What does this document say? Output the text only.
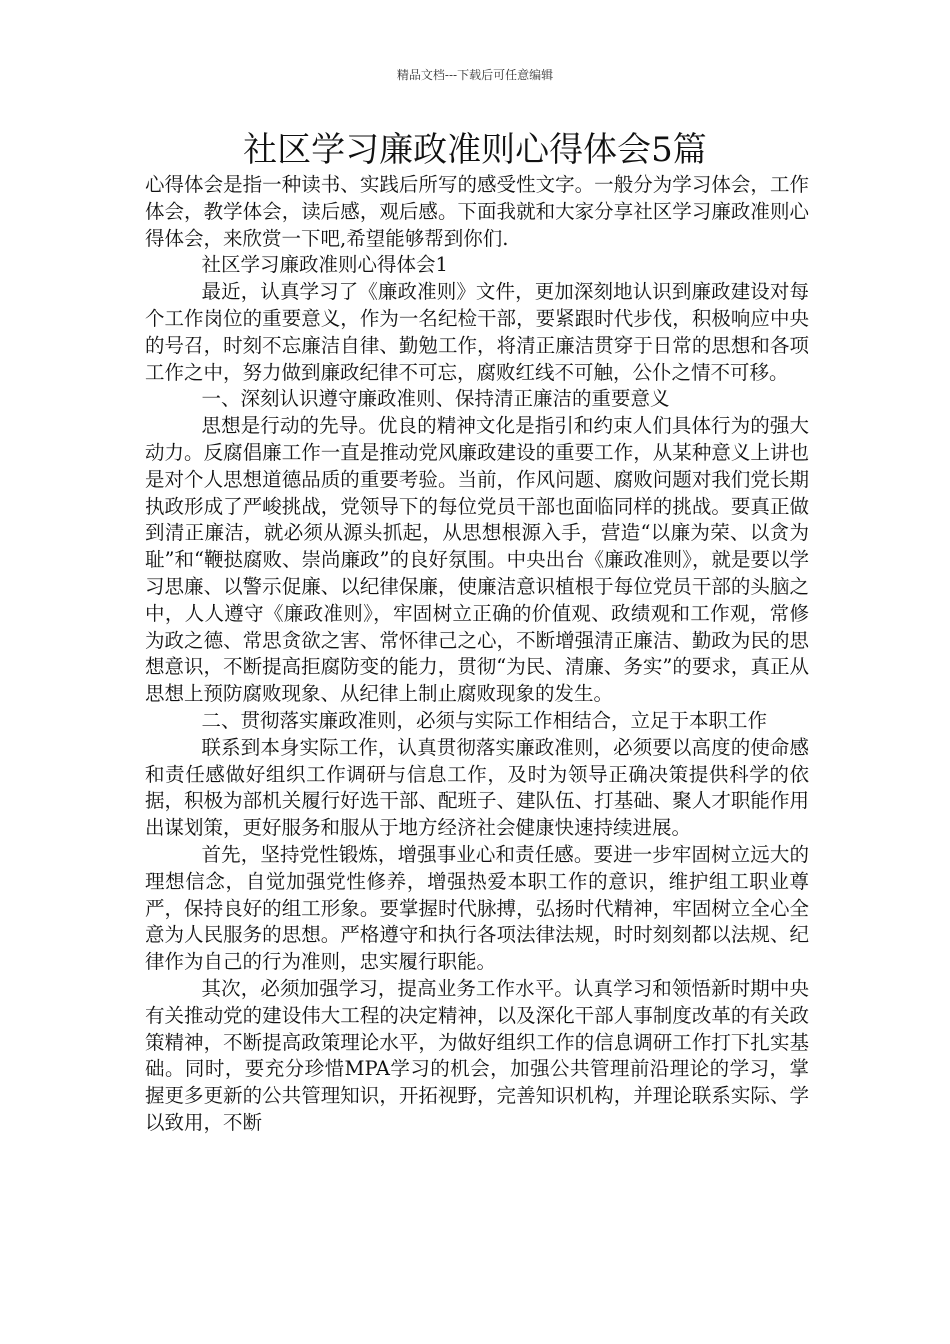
精品文档---下载后可任意编辑
社区学习廉政准则心得体会5篇

心得体会是指一种读书、实践后所写的感受性文字。一般分为学习体会，工作体会，教学体会，读后感，观后感。下面我就和大家分享社区学习廉政准则心得体会，来欣赏一下吧,希望能够帮到你们.

社区学习廉政准则心得体会1

最近，认真学习了《廉政准则》文件，更加深刻地认识到廉政建设对每个工作岗位的重要意义，作为一名纪检干部，要紧跟时代步伐，积极响应中央的号召，时刻不忘廉洁自律、勤勉工作，将清正廉洁贯穿于日常的思想和各项工作之中，努力做到廉政纪律不可忘，腐败红线不可触，公仆之情不可移。

一、深刻认识遵守廉政准则、保持清正廉洁的重要意义

思想是行动的先导。优良的精神文化是指引和约束人们具体行为的强大动力。反腐倡廉工作一直是推动党风廉政建设的重要工作，从某种意义上讲也是对个人思想道德品质的重要考验。当前，作风问题、腐败问题对我们党长期执政形成了严峻挑战，党领导下的每位党员干部也面临同样的挑战。要真正做到清正廉洁，就必须从源头抓起，从思想根源入手，营造“以廉为荣、以贪为耻”和“鞭挞腐败、崇尚廉政”的良好氛围。中央出台《廉政准则》，就是要以学习思廉、以警示促廉、以纪律保廉，使廉洁意识植根于每位党员干部的头脑之中，人人遵守《廉政准则》，牢固树立正确的价值观、政绩观和工作观，常修为政之德、常思贪欲之害、常怀律己之心，不断增强清正廉洁、勤政为民的思想意识，不断提高拒腐防变的能力，贯彻“为民、清廉、务实”的要求，真正从思想上预防腐败现象、从纪律上制止腐败现象的发生。

二、贯彻落实廉政准则，必须与实际工作相结合，立足于本职工作

联系到本身实际工作，认真贯彻落实廉政准则，必须要以高度的使命感和责任感做好组织工作调研与信息工作，及时为领导正确决策提供科学的依据，积极为部机关履行好选干部、配班子、建队伍、打基础、聚人才职能作用出谋划策，更好服务和服从于地方经济社会健康快速持续进展。

首先，坚持党性锻炼，增强事业心和责任感。要进一步牢固树立远大的理想信念，自觉加强党性修养，增强热爱本职工作的意识，维护组工职业尊严，保持良好的组工形象。要掌握时代脉搏，弘扬时代精神，牢固树立全心全意为人民服务的思想。严格遵守和执行各项法律法规，时时刻刻都以法规、纪律作为自己的行为准则，忠实履行职能。

其次，必须加强学习，提高业务工作水平。认真学习和领悟新时期中央有关推动党的建设伟大工程的决定精神，以及深化干部人事制度改革的有关政策精神，不断提高政策理论水平，为做好组织工作的信息调研工作打下扎实基础。同时，要充分珍惜MPA学习的机会，加强公共管理前沿理论的学习，掌握更多更新的公共管理知识，开拓视野，完善知识机构，并理论联系实际、学以致用，不断
